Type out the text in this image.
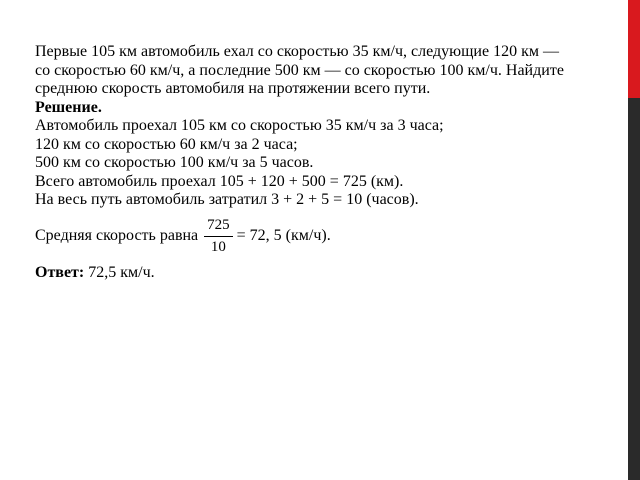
Первые 105 км автомобиль ехал со скоростью 35 км/ч, следующие 120 км —
со скоростью 60 км/ч, а последние 500 км — со скоростью 100 км/ч. Найдите
среднюю скорость автомобиля на протяжении всего пути.
Решение.
Автомобиль проехал 105 км со скоростью 35 км/ч за 3 часа;
120 км со скоростью 60 км/ч за 2 часа;
500 км со скоростью 100 км/ч за 5 часов.
Всего автомобиль проехал 105 + 120 + 500 = 725 (км).
На весь путь автомобиль затратил 3 + 2 + 5 = 10 (часов).
Средняя скорость равна $\frac{725}{10} = 72$, 5 (км/ч).
Ответ: 72,5 км/ч.
